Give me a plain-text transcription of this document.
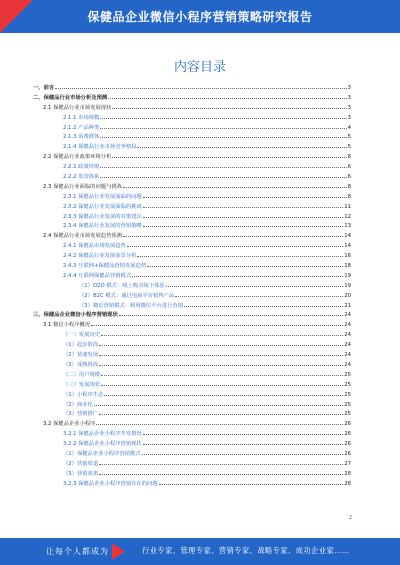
保健品企业微信小程序营销策略研究报告
内容目录
一、前言	3
二、保健品行业市场分析及预测	3
2.1 保健品行业市场发展现状	3
2.1.1 市场规模	3
2.1.2 产品种类	4
2.1.3 消费群体	5
2.1.4 保健品行业市场竞争格局	5
2.2 保健品行业政策环境分析	6
2.2.1 政策环境	6
2.2.2 监管体系	6
2.3 保健品行业面临的问题与挑战	8
2.3.1 保健品行业发展面临的问题	8
2.3.2 保健品行业发展面临的挑战	11
2.3.3 保健品行业发展的对策建议	12
2.3.4 保健品行业发展的营销策略	13
2.4 保健品行业市场发展趋势预测	14
2.4.1 保健品市场发展趋势	14
2.4.2 保健品行业发展前景分析	16
2.4.3 互联网+保健品营销发展趋势	18
2.4.4 互联网保健品营销模式	19
（1）O2O 模式：线上购买线下体验	19
（2）B2C 模式：通过电商平台销售产品	20
（3）微信营销模式：利用微信平台进行营销	21
三、保健品企业微信小程序营销现状	24
3.1 微信小程序概况	24
（一）发展历史	24
（1）起步阶段	24
（2）快速发展	24
（3）成熟阶段	24
（二）用户规模	25
（三）发展现状	25
（1）小程序生态	25
（2）商业化	25
（3）营销推广	25
3.2 保健品企业小程序	26
3.2.1 保健品企业小程序开发情况	26
3.2.2 保健品企业小程序营销现状	26
（1）保健品企业小程序营销模式	26
（2）营销渠道	27
（3）营销效果	28
3.2.3 保健品企业小程序营销存在的问题	28
2
让每个人都成为	行业专家、管理专家、营销专家、战略专家、成功企业家……
